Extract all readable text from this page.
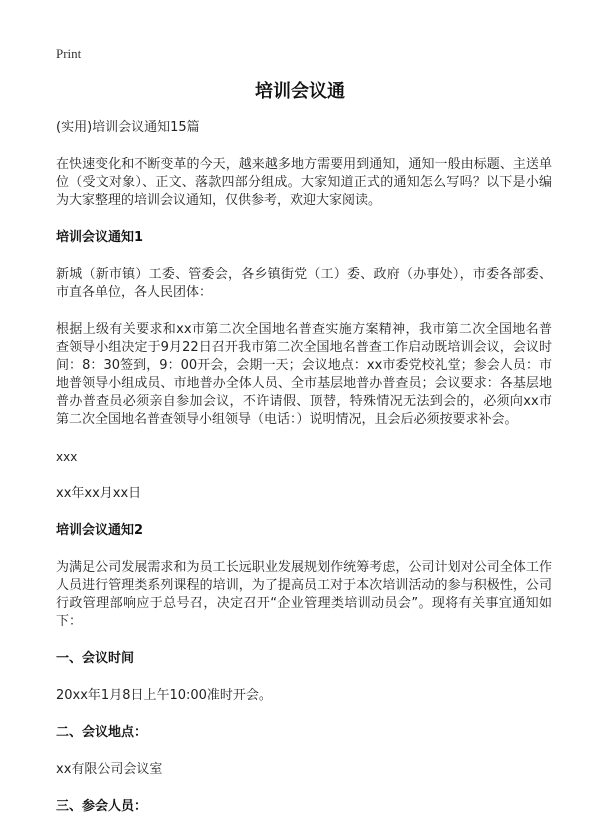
Print
培训会议通

(实用)培训会议通知15篇

在快速变化和不断变革的今天，越来越多地方需要用到通知，通知一般由标题、主送单位（受文对象）、正文、落款四部分组成。大家知道正式的通知怎么写吗？以下是小编为大家整理的培训会议通知，仅供参考，欢迎大家阅读。

培训会议通知1

新城（新市镇）工委、管委会，各乡镇街党（工）委、政府（办事处），市委各部委、市直各单位，各人民团体：

根据上级有关要求和xx市第二次全国地名普查实施方案精神，我市第二次全国地名普查领导小组决定于9月22日召开我市第二次全国地名普查工作启动既培训会议，会议时间：8：30签到，9：00开会，会期一天；会议地点：xx市委党校礼堂；参会人员：市地普领导小组成员、市地普办全体人员、全市基层地普办普查员；会议要求：各基层地普办普查员必须亲自参加会议，不许请假、顶替，特殊情况无法到会的，必须向xx市第二次全国地名普查领导小组领导（电话：）说明情况，且会后必须按要求补会。

xxx

xx年xx月xx日

培训会议通知2

为满足公司发展需求和为员工长远职业发展规划作统筹考虑，公司计划对公司全体工作人员进行管理类系列课程的培训，为了提高员工对于本次培训活动的参与积极性，公司行政管理部响应于总号召，决定召开“企业管理类培训动员会”。现将有关事宜通知如下：

一、会议时间

20xx年1月8日上午10:00准时开会。

二、会议地点：

xx有限公司会议室

三、参会人员：
